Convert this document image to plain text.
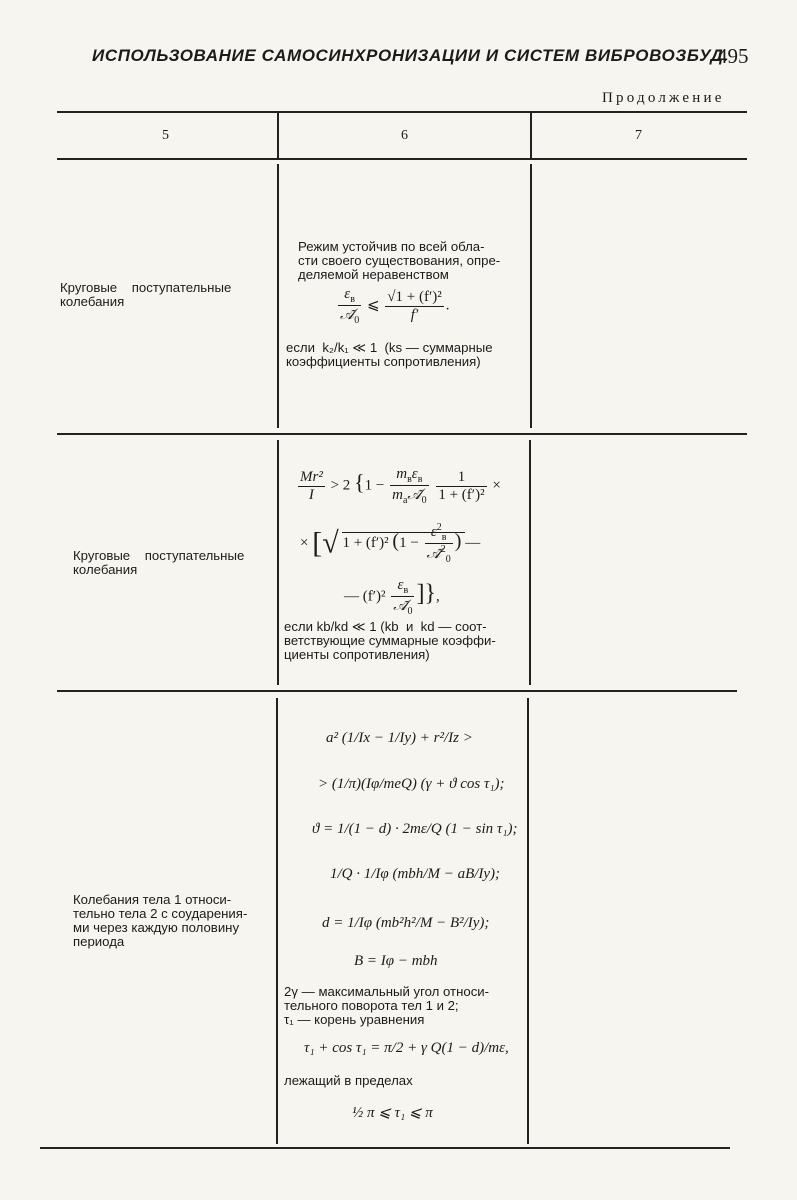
ИСПОЛЬЗОВАНИЕ САМОСИНХРОНИЗАЦИИ И СИСТЕМ ВИБРОВОЗБУД.
495
Продолжение
5	6	7
Круговые    поступательные
колебания
Режим устойчив по всей обла-
сти своего существования, опре-
деляемой неравенством
$\frac{\varepsilon_в}{𝒜̃_0}$ ⩽ $\frac{\text{√1 + (f′)²}}{f'}$ .
если  k₂/k₁ ≪ 1  (ks — суммарные
коэффициенты сопротивления)
Круговые    поступательные
колебания
$\frac{\text{Mr²}}{I} > 2$ {$1 - \frac{m_в\varepsilon_в}{m_a𝒜̃_0}$
$\frac{1}{\text{1 + (f′)²}}$ ×
× [√ 1 + (f′)² ($1 - \frac{\varepsilon^2_в}{𝒜̃^2_0}$ ) —
— $(f')^2 \frac{\varepsilon_в}{𝒜̃_0}$ ]},
если kb/kd ≪ 1 (kb  и  kd — соот-
ветствующие суммарные коэффи-
циенты сопротивления)
Колебания тела 1 относи-
тельно тела 2 с соударения-
ми через каждую половину
периода
a² (1/Ix − 1/Iy) + r²/Iz >
> (1/π)(Iφ/meQ) (γ + ϑ cos τ₁);
ϑ = 1/(1 − d) · 2mε/Q (1 − sin τ₁);
1/Q · 1/Iφ (mbh/M − aB/Iy);
d = 1/Iφ (mb²h²/M − B²/Iy);
B = Iφ − mbh
2γ — максимальный угол относи-
тельного поворота тел 1 и 2;
τ₁ — корень уравнения
τ₁ + cos τ₁ = π/2 + γ Q(1 − d)/mε,
лежащий в пределах
½ π ⩽ τ₁ ⩽ π
